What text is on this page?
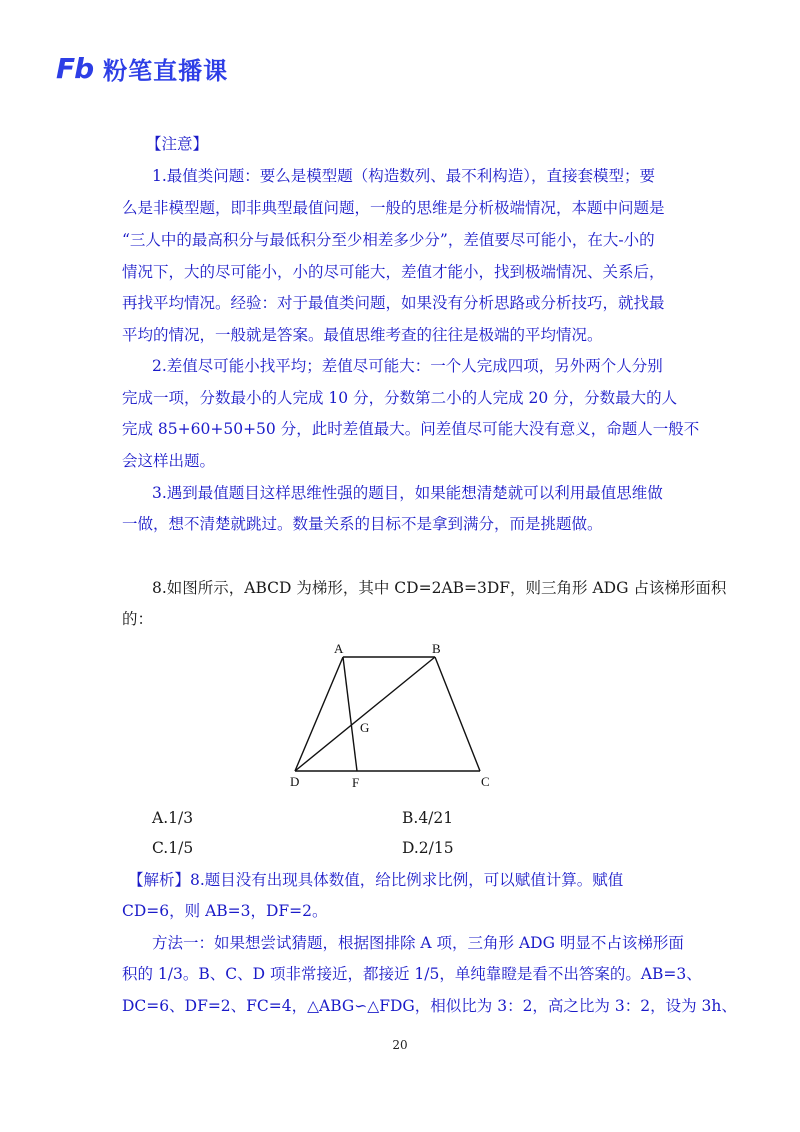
Fb 粉笔直播课
【注意】
1.最值类问题：要么是模型题（构造数列、最不利构造），直接套模型；要
么是非模型题，即非典型最值问题，一般的思维是分析极端情况，本题中问题是
“三人中的最高积分与最低积分至少相差多少分”，差值要尽可能小，在大-小的
情况下，大的尽可能小，小的尽可能大，差值才能小，找到极端情况、关系后，
再找平均情况。经验：对于最值类问题，如果没有分析思路或分析技巧，就找最
平均的情况，一般就是答案。最值思维考查的往往是极端的平均情况。
2.差值尽可能小找平均；差值尽可能大：一个人完成四项，另外两个人分别
完成一项，分数最小的人完成 10 分，分数第二小的人完成 20 分，分数最大的人
完成 85+60+50+50 分，此时差值最大。问差值尽可能大没有意义，命题人一般不
会这样出题。
3.遇到最值题目这样思维性强的题目，如果能想清楚就可以利用最值思维做
一做，想不清楚就跳过。数量关系的目标不是拿到满分，而是挑题做。
8.如图所示，ABCD 为梯形，其中 CD=2AB=3DF，则三角形 ADG 占该梯形面积
的：
A	B
C
D	F
G
A.1/3	B.4/21
C.1/5	D.2/15
【解析】8.题目没有出现具体数值，给比例求比例，可以赋值计算。赋值
CD=6，则 AB=3，DF=2。
方法一：如果想尝试猜题，根据图排除 A 项，三角形 ADG 明显不占该梯形面
积的 1/3。B、C、D 项非常接近，都接近 1/5，单纯靠瞪是看不出答案的。AB=3、
DC=6、DF=2、FC=4，△ABG∽△FDG，相似比为 3：2，高之比为 3：2，设为 3h、
20
